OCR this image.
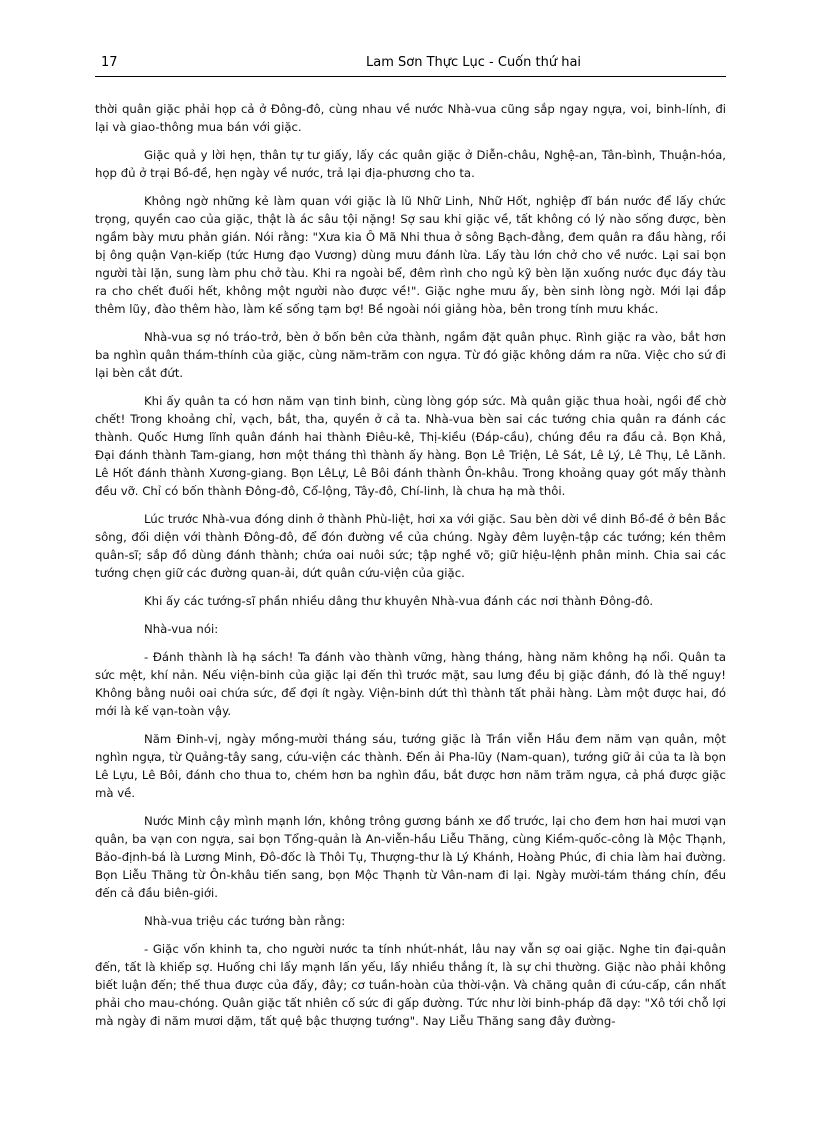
17	Lam Sơn Thực Lục - Cuốn thứ hai

thời quân giặc phải họp cả ở Đông-đô, cùng nhau về nước Nhà-vua cũng sắp ngay ngựa, voi, binh-lính, đi lại và giao-thông mua bán với giặc.

Giặc quả y lời hẹn, thân tự tư giấy, lấy các quân giặc ở Diễn-châu, Nghệ-an, Tân-bình, Thuận-hóa, họp đủ ở trại Bồ-đề, hẹn ngày về nước, trả lại địa-phương cho ta.

Không ngờ những kẻ làm quan với giặc là lũ Nhữ Linh, Nhữ Hốt, nghiệp đĩ bán nước để lấy chức trọng, quyền cao của giặc, thật là ác sâu tội nặng! Sợ sau khi giặc về, tất không có lý nào sống được, bèn ngầm bày mưu phản gián. Nói rằng: "Xưa kia Ô Mã Nhi thua ở sông Bạch-đằng, đem quân ra đầu hàng, rồi bị ông quận Vạn-kiếp (tức Hưng đạo Vương) dùng mưu đánh lừa. Lấy tàu lớn chở cho về nước. Lại sai bọn người tài lặn, sung làm phu chở tàu. Khi ra ngoài bể, đêm rình cho ngủ kỹ bèn lặn xuống nước đục đáy tàu ra cho chết đuối hết, không một người nào được về!". Giặc nghe mưu ấy, bèn sinh lòng ngờ. Mới lại đắp thêm lũy, đào thêm hào, làm kế sống tạm bợ! Bề ngoài nói giảng hòa, bên trong tính mưu khác.

Nhà-vua sợ nó tráo-trở, bèn ở bốn bên cửa thành, ngầm đặt quân phục. Rình giặc ra vào, bắt hơn ba nghìn quân thám-thính của giặc, cùng năm-trăm con ngựa. Từ đó giặc không dám ra nữa. Việc cho sứ đi lại bèn cắt đứt.

Khi ấy quân ta có hơn năm vạn tinh binh, cùng lòng góp sức. Mà quân giặc thua hoài, ngồi để chờ chết! Trong khoảng chỉ, vạch, bắt, tha, quyền ở cả ta. Nhà-vua bèn sai các tướng chia quân ra đánh các thành. Quốc Hưng lĩnh quân đánh hai thành Điêu-kê, Thị-kiều (Đáp-cầu), chúng đều ra đầu cả. Bọn Khả, Đại đánh thành Tam-giang, hơn một tháng thì thành ấy hàng. Bọn Lê Triện, Lê Sát, Lê Lý, Lê Thụ, Lê Lãnh. Lê Hốt đánh thành Xương-giang. Bọn LêLự, Lê Bôi đánh thành Ôn-khâu. Trong khoảng quay gót mấy thành đều vỡ. Chỉ có bốn thành Đông-đô, Cổ-lộng, Tây-đô, Chí-linh, là chưa hạ mà thôi.

Lúc trước Nhà-vua đóng dinh ở thành Phù-liệt, hơi xa với giặc. Sau bèn dời về dinh Bồ-đề ở bên Bắc sông, đối diện với thành Đông-đô, để đón đường về của chúng. Ngày đêm luyện-tập các tướng; kén thêm quân-sĩ; sắp đồ dùng đánh thành; chứa oai nuôi sức; tập nghề võ; giữ hiệu-lệnh phân minh. Chia sai các tướng chẹn giữ các đường quan-ải, dứt quân cứu-viện của giặc.

Khi ấy các tướng-sĩ phần nhiều dâng thư khuyên Nhà-vua đánh các nơi thành Đông-đô.

Nhà-vua nói:

- Đánh thành là hạ sách! Ta đánh vào thành vững, hàng tháng, hàng năm không hạ nổi. Quân ta sức mệt, khí nản. Nếu viện-binh của giặc lại đến thì trước mặt, sau lưng đều bị giặc đánh, đó là thế nguy! Không bằng nuôi oai chứa sức, để đợi ít ngày. Viện-binh dứt thì thành tất phải hàng. Làm một được hai, đó mới là kế vạn-toàn vậy.

Năm Đinh-vị, ngày mồng-mười tháng sáu, tướng giặc là Trần viễn Hầu đem năm vạn quân, một nghìn ngựa, từ Quảng-tây sang, cứu-viện các thành. Đến ải Pha-lũy (Nam-quan), tướng giữ ải của ta là bọn Lê Lựu, Lê Bôi, đánh cho thua to, chém hơn ba nghìn đầu, bắt được hơn năm trăm ngựa, cả phá được giặc mà về.

Nước Minh cậy mình mạnh lớn, không trông gương bánh xe đổ trước, lại cho đem hơn hai mươi vạn quân, ba vạn con ngựa, sai bọn Tổng-quản là An-viễn-hầu Liễu Thăng, cùng Kiềm-quốc-công là Mộc Thạnh, Bảo-định-bá là Lương Minh, Đô-đốc là Thôi Tụ, Thượng-thư là Lý Khánh, Hoàng Phúc, đi chia làm hai đường. Bọn Liễu Thăng từ Ôn-khâu tiến sang, bọn Mộc Thạnh từ Vân-nam đi lại. Ngày mười-tám tháng chín, đều đến cả đầu biên-giới.

Nhà-vua triệu các tướng bàn rằng:

- Giặc vốn khinh ta, cho người nước ta tính nhút-nhát, lâu nay vẫn sợ oai giặc. Nghe tin đại-quân đến, tất là khiếp sợ. Huống chi lấy mạnh lấn yếu, lấy nhiều thắng ít, là sự chi thường. Giặc nào phải không biết luận đến; thế thua được của đấy, đây; cơ tuần-hoàn của thời-vận. Và chăng quân đi cứu-cấp, cần nhất phải cho mau-chóng. Quân giặc tất nhiên cố sức đi gấp đường. Tức như lời binh-pháp đã dạy: "Xô tới chỗ lợi mà ngày đi năm mươi dặm, tất quệ bậc thượng tướng". Nay Liễu Thăng sang đây đường-
